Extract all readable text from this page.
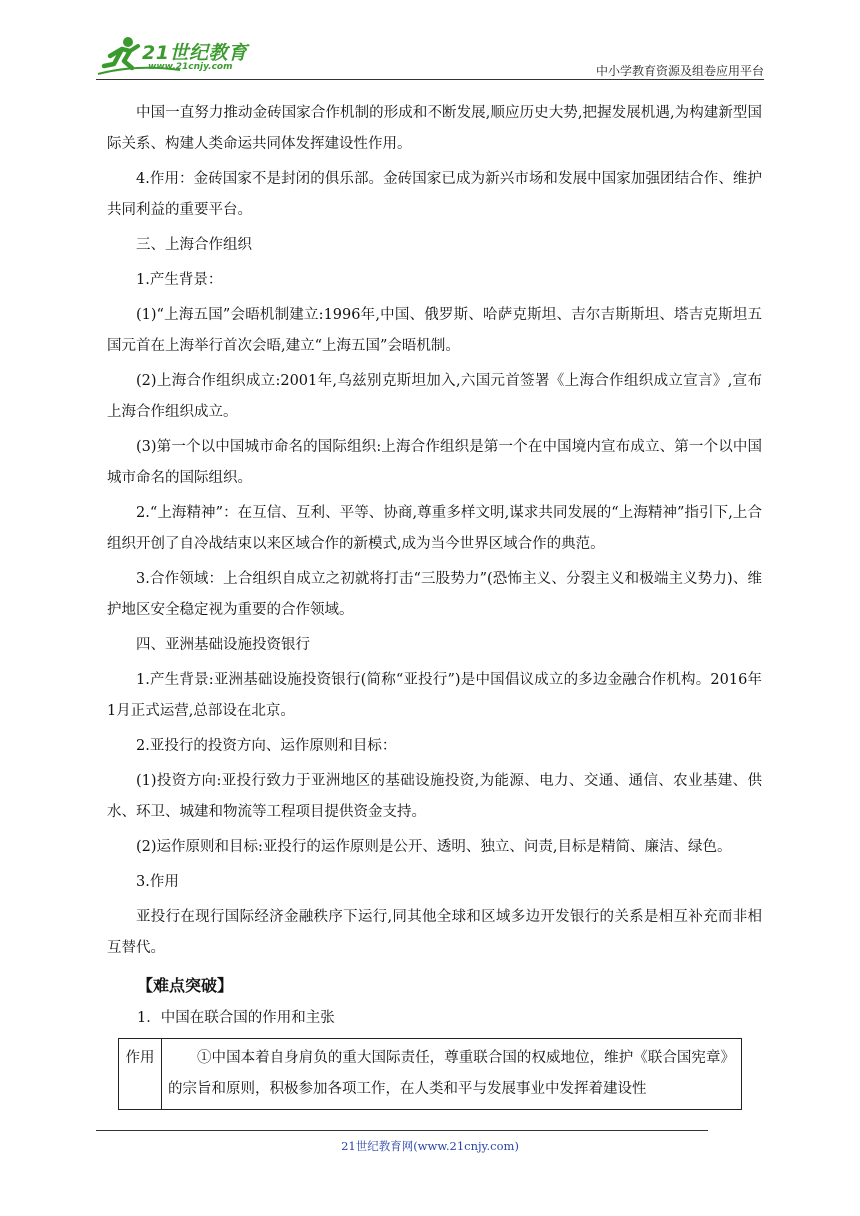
21世纪教育
www.21cnjy.com	中小学教育资源及组卷应用平台

中国一直努力推动金砖国家合作机制的形成和不断发展,顺应历史大势,把握发展机遇,为构建新型国际关系、构建人类命运共同体发挥建设性作用。

4.作用：金砖国家不是封闭的俱乐部。金砖国家已成为新兴市场和发展中国家加强团结合作、维护共同利益的重要平台。

三、上海合作组织

1.产生背景：

(1)“上海五国”会晤机制建立:1996年,中国、俄罗斯、哈萨克斯坦、吉尔吉斯斯坦、塔吉克斯坦五国元首在上海举行首次会晤,建立“上海五国”会晤机制。

(2)上海合作组织成立:2001年,乌兹别克斯坦加入,六国元首签署《上海合作组织成立宣言》,宣布上海合作组织成立。

(3)第一个以中国城市命名的国际组织:上海合作组织是第一个在中国境内宣布成立、第一个以中国城市命名的国际组织。

2.“上海精神”：在互信、互利、平等、协商,尊重多样文明,谋求共同发展的“上海精神”指引下,上合组织开创了自冷战结束以来区域合作的新模式,成为当今世界区域合作的典范。

3.合作领域：上合组织自成立之初就将打击“三股势力”(恐怖主义、分裂主义和极端主义势力)、维护地区安全稳定视为重要的合作领域。

四、亚洲基础设施投资银行

1.产生背景:亚洲基础设施投资银行(简称“亚投行”)是中国倡议成立的多边金融合作机构。2016年1月正式运营,总部设在北京。

2.亚投行的投资方向、运作原则和目标：

(1)投资方向:亚投行致力于亚洲地区的基础设施投资,为能源、电力、交通、通信、农业基建、供水、环卫、城建和物流等工程项目提供资金支持。

(2)运作原则和目标:亚投行的运作原则是公开、透明、独立、问责,目标是精简、廉洁、绿色。

3.作用

亚投行在现行国际经济金融秩序下运行,同其他全球和区域多边开发银行的关系是相互补充而非相互替代。

【难点突破】
1．中国在联合国的作用和主张
作用	①中国本着自身肩负的重大国际责任，尊重联合国的权威地位，维护《联合国宪章》的宗旨和原则，积极参加各项工作，在人类和平与发展事业中发挥着建设性
21世纪教育网(www.21cnjy.com)
